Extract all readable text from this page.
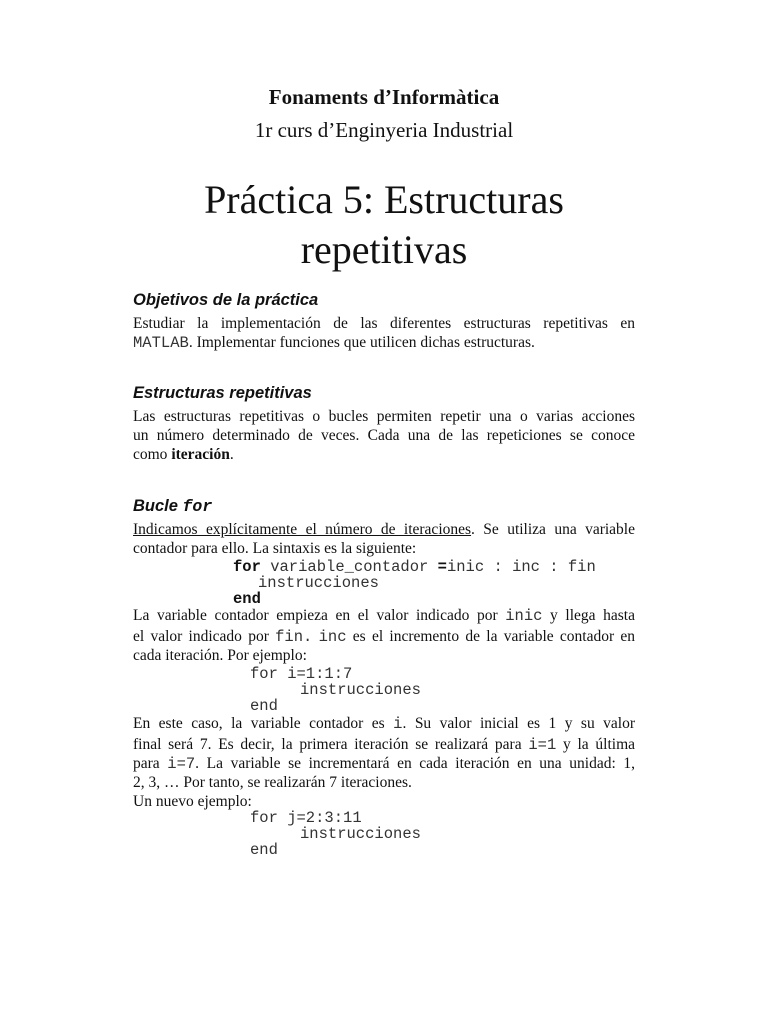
Fonaments d’Informàtica
1r curs d’Enginyeria Industrial
Práctica 5: Estructuras
repetitivas
Objetivos de la práctica
Estudiar la implementación de las diferentes estructuras repetitivas en
MATLAB. Implementar funciones que utilicen dichas estructuras.
Estructuras repetitivas
Las estructuras repetitivas o bucles permiten repetir una o varias acciones
un número determinado de veces. Cada una de las repeticiones se conoce
como iteración.
Bucle for
Indicamos explícitamente el número de iteraciones. Se utiliza una variable
contador para ello. La sintaxis es la siguiente:
for variable_contador =inic : inc : fin
instrucciones
end
La variable contador empieza en el valor indicado por inic y llega hasta
el valor indicado por fin. inc es el incremento de la variable contador en
cada iteración. Por ejemplo:
for i=1:1:7
instrucciones
end
En este caso, la variable contador es i. Su valor inicial es 1 y su valor
final será 7. Es decir, la primera iteración se realizará para i=1 y la última
para i=7. La variable se incrementará en cada iteración en una unidad: 1,
2, 3, … Por tanto, se realizarán 7 iteraciones.
Un nuevo ejemplo:
for j=2:3:11
instrucciones
end
